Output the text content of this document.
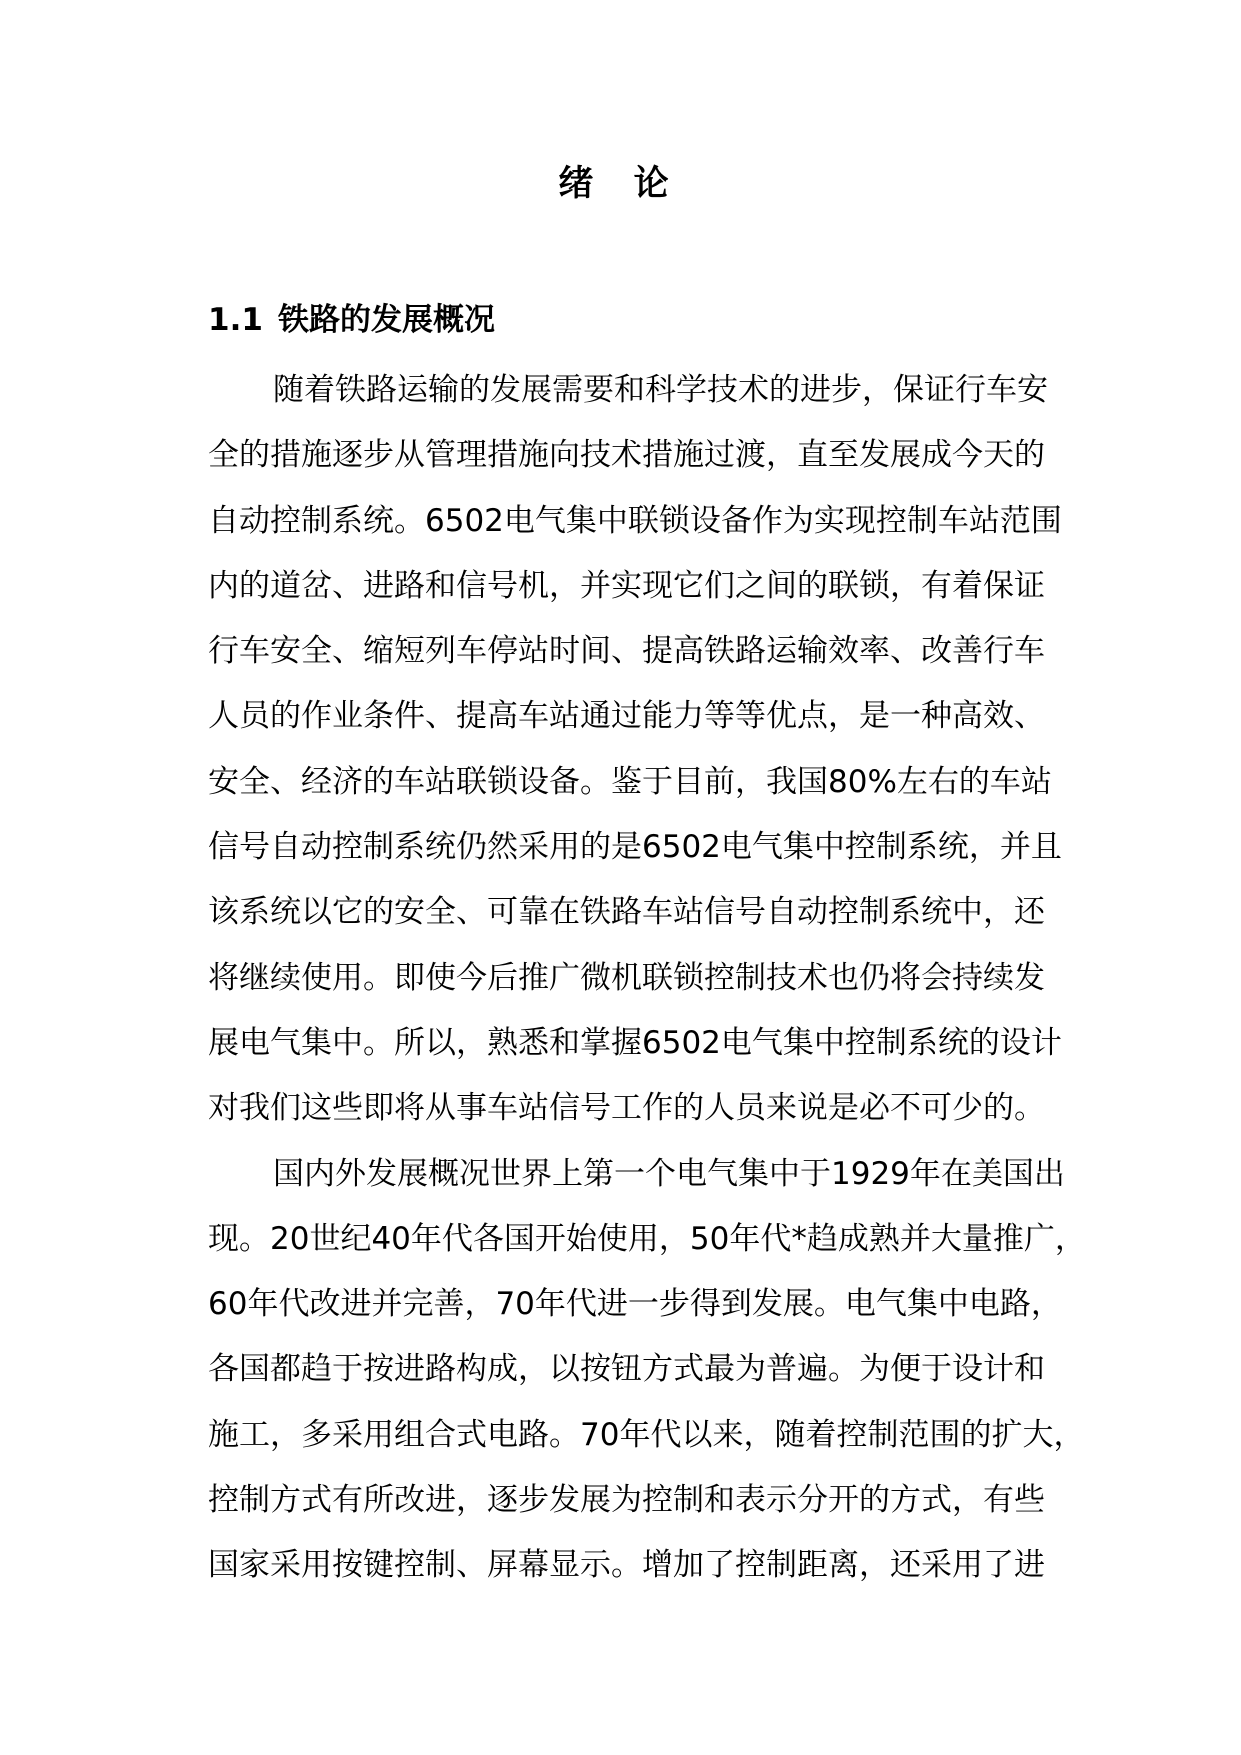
绪 论
1.1 铁路的发展概况

随着铁路运输的发展需要和科学技术的进步，保证行车安

全的措施逐步从管理措施向技术措施过渡，直至发展成今天的

自动控制系统。6502电气集中联锁设备作为实现控制车站范围

内的道岔、进路和信号机，并实现它们之间的联锁，有着保证

行车安全、缩短列车停站时间、提高铁路运输效率、改善行车

人员的作业条件、提高车站通过能力等等优点，是一种高效、

安全、经济的车站联锁设备。鉴于目前，我国80%左右的车站

信号自动控制系统仍然采用的是6502电气集中控制系统，并且

该系统以它的安全、可靠在铁路车站信号自动控制系统中，还

将继续使用。即使今后推广微机联锁控制技术也仍将会持续发

展电气集中。所以，熟悉和掌握6502电气集中控制系统的设计

对我们这些即将从事车站信号工作的人员来说是必不可少的。

国内外发展概况世界上第一个电气集中于1929年在美国出

现。20世纪40年代各国开始使用，50年代*趋成熟并大量推广，

60年代改进并完善，70年代进一步得到发展。电气集中电路，

各国都趋于按进路构成，以按钮方式最为普遍。为便于设计和

施工，多采用组合式电路。70年代以来，随着控制范围的扩大，

控制方式有所改进，逐步发展为控制和表示分开的方式，有些

国家采用按键控制、屏幕显示。增加了控制距离，还采用了进
